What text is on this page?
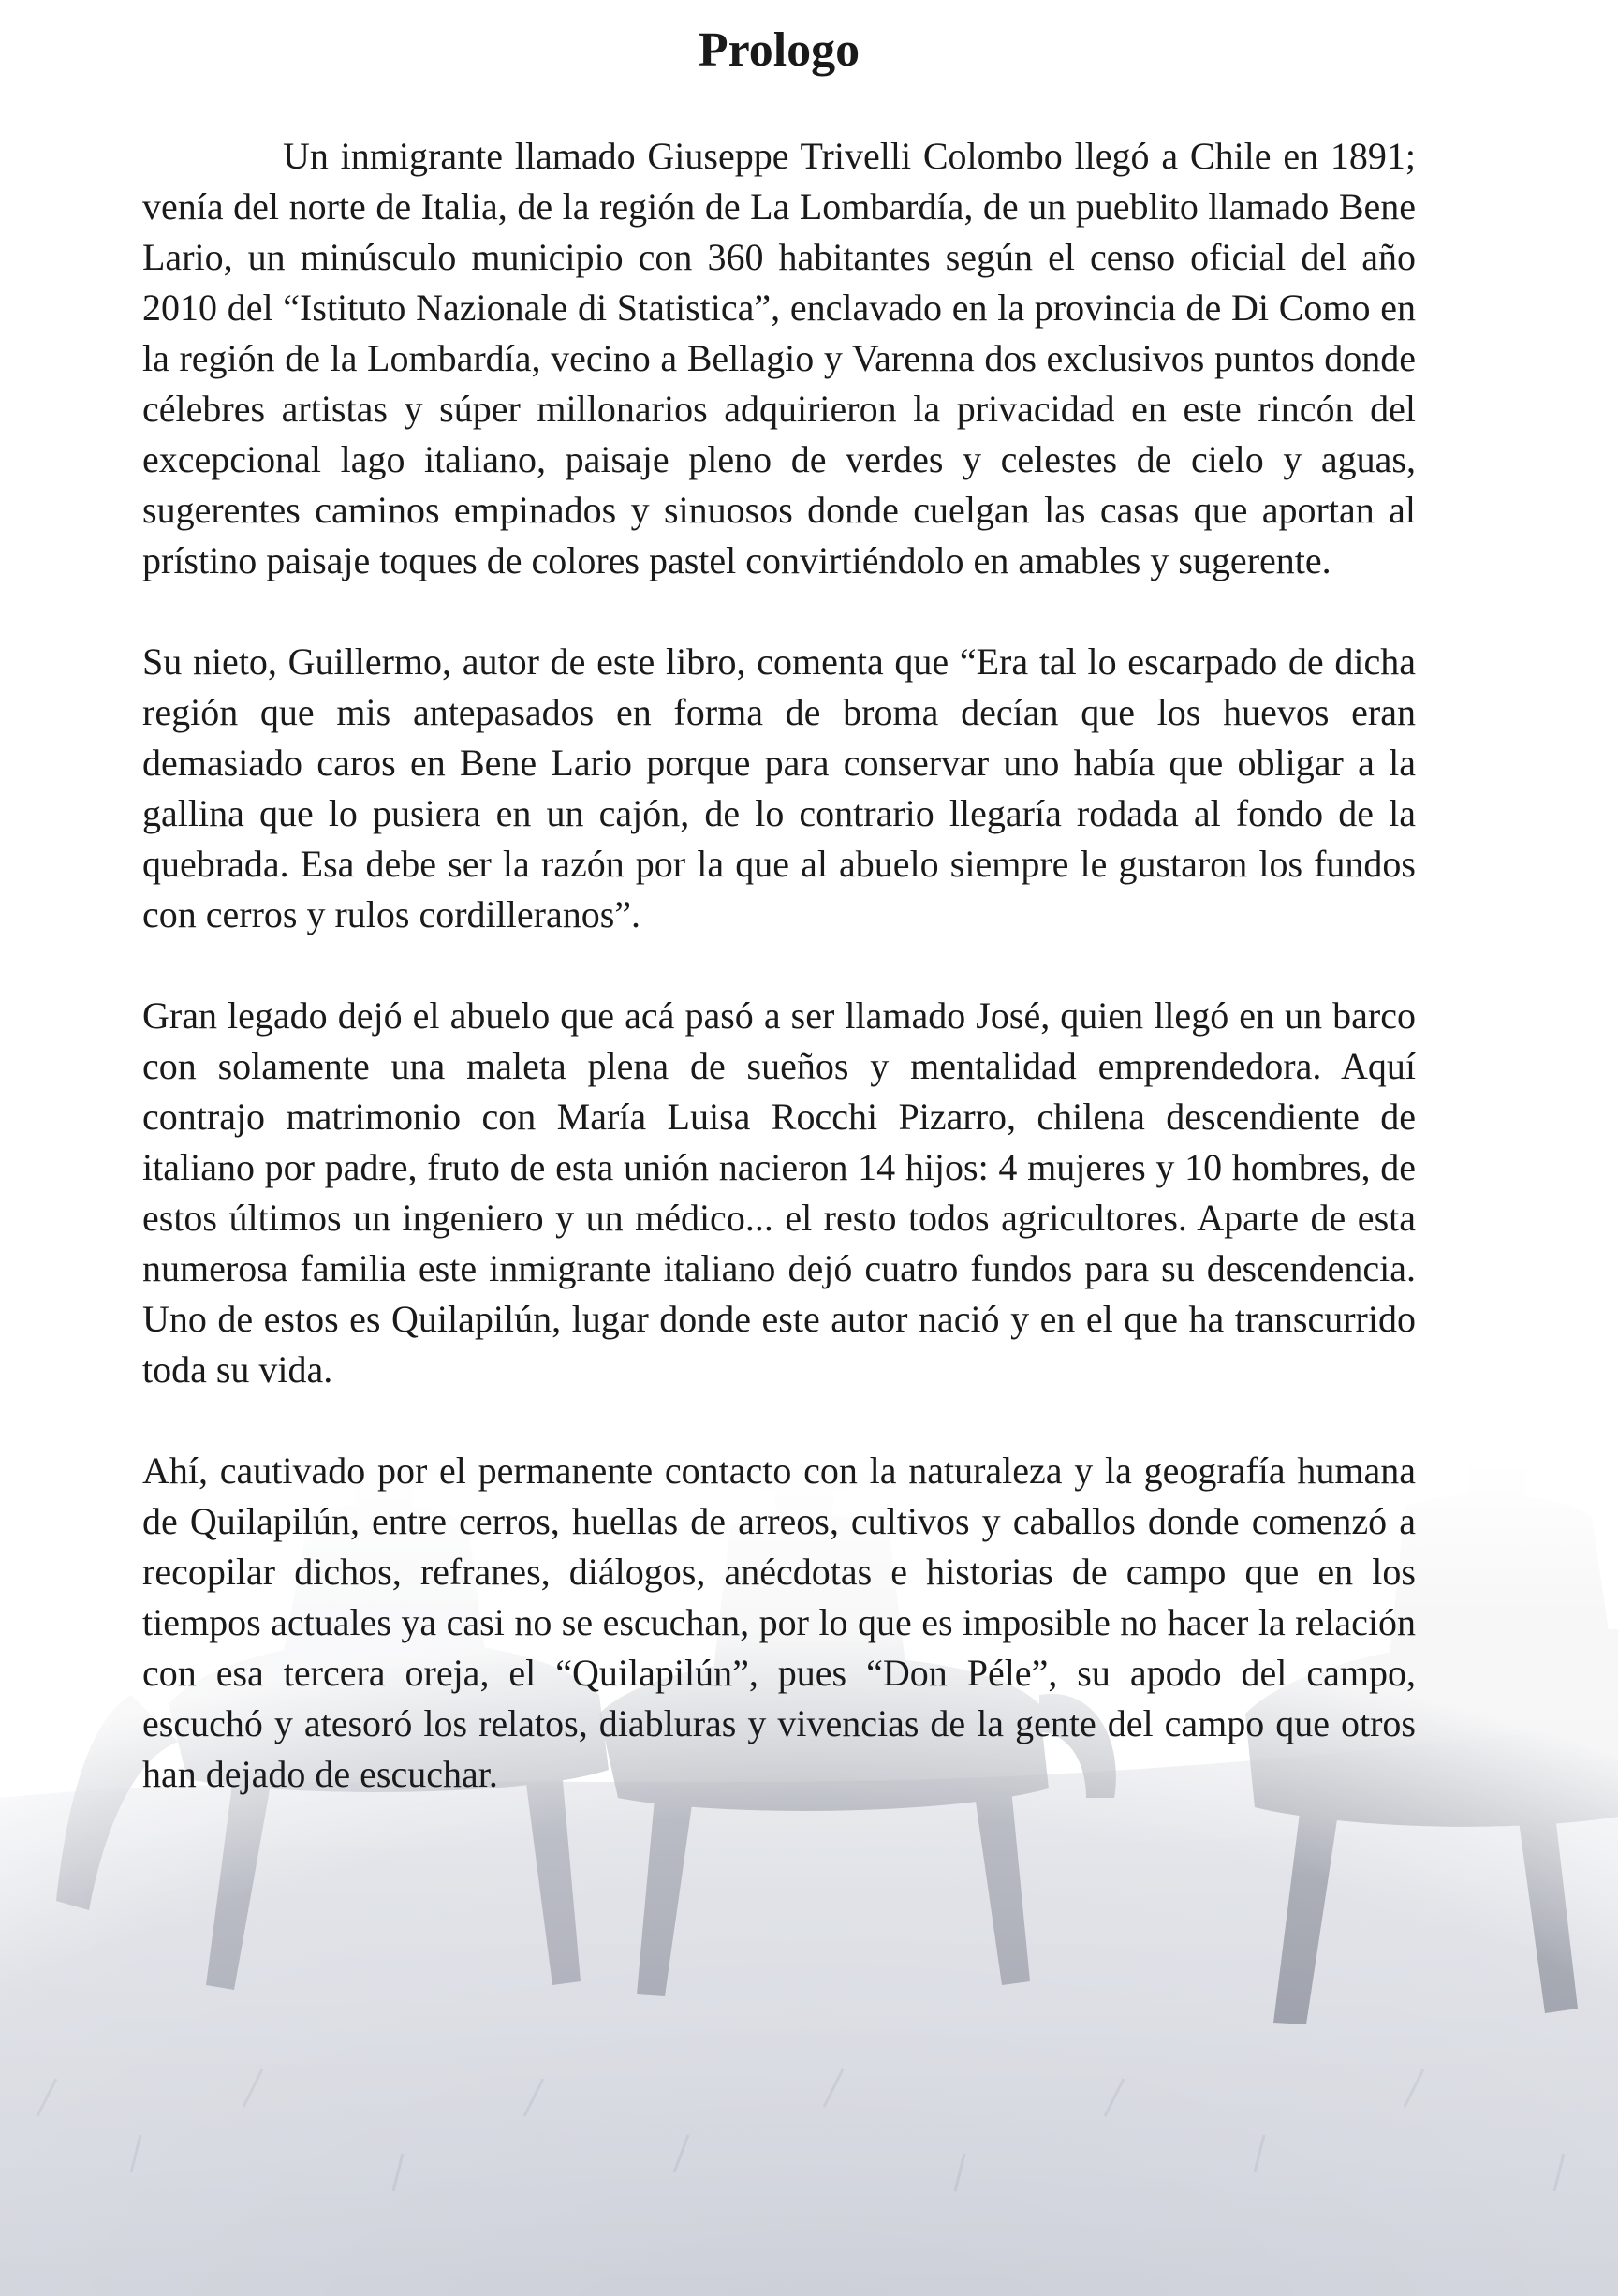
Prologo

Un inmigrante llamado Giuseppe Trivelli Colombo llegó a Chile en 1891; venía del norte de Italia, de la región de La Lombardía, de un pueblito llamado Bene Lario, un minúsculo municipio con 360 habitantes según el censo oficial del año 2010 del “Istituto Nazionale di Statistica”, enclavado en la provincia de Di Como en la región de la Lombardía, vecino a Bellagio y Varenna dos exclusivos puntos donde célebres artistas y súper millonarios adquirieron la privacidad en este rincón del excepcional lago italiano, paisaje pleno de verdes y celestes de cielo y aguas, sugerentes caminos empinados y sinuosos donde cuelgan las casas que aportan al prístino paisaje toques de colores pastel convirtiéndolo en amables y sugerente.

Su nieto, Guillermo, autor de este libro, comenta que “Era tal lo escarpado de dicha región que mis antepasados en forma de broma decían que los huevos eran demasiado caros en Bene Lario porque para conservar uno había que obligar a la gallina que lo pusiera en un cajón, de lo contrario llegaría rodada al fondo de la quebrada. Esa debe ser la razón por la que al abuelo siempre le gustaron los fundos con cerros y rulos cordilleranos”.

Gran legado dejó el abuelo que acá pasó a ser llamado José, quien llegó en un barco con solamente una maleta plena de sueños y mentalidad emprendedora. Aquí contrajo matrimonio con María Luisa Rocchi Pizarro, chilena descendiente de italiano por padre, fruto de esta unión nacieron 14 hijos: 4 mujeres y 10 hombres, de estos últimos un ingeniero y un médico... el resto todos agricultores. Aparte de esta numerosa familia este inmigrante italiano dejó cuatro fundos para su descendencia. Uno de estos es Quilapilún, lugar donde este autor nació y en el que ha transcurrido toda su vida.

Ahí, cautivado por el permanente contacto con la naturaleza y la geografía humana de Quilapilún, entre cerros, huellas de arreos, cultivos y caballos donde comenzó a recopilar dichos, refranes, diálogos, anécdotas e historias de campo que en los tiempos actuales ya casi no se escuchan, por lo que es imposible no hacer la relación con esa tercera oreja, el “Quilapilún”, pues “Don Péle”, su apodo del campo, escuchó y atesoró los relatos, diabluras y vivencias de la gente del campo que otros han dejado de escuchar.
